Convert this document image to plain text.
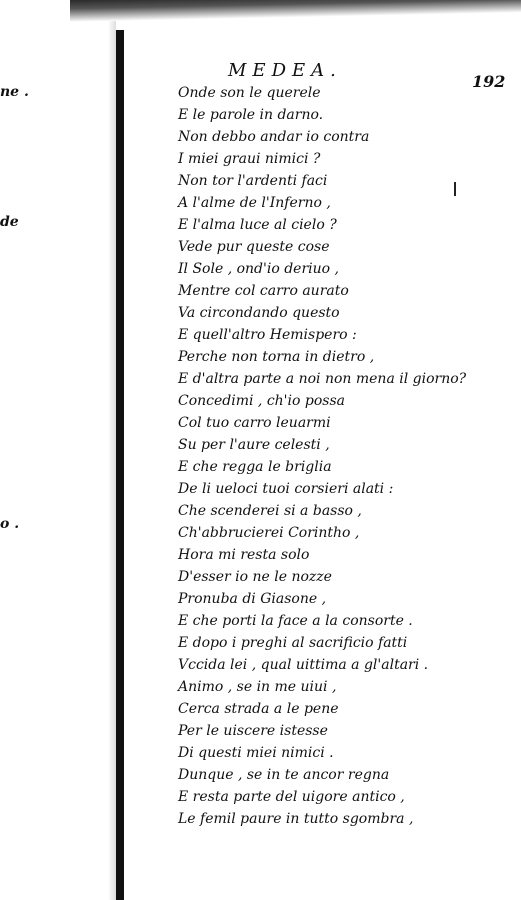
ne .
de
o .
MEDEA.
192
Onde son le querele
E le parole in darno.
Non debbo andar io contra
I miei graui nimici ?
Non tor l'ardenti faci
A l'alme de l'Inferno ,
E l'alma luce al cielo ?
Vede pur queste cose
Il Sole , ond'io deriuo ,
Mentre col carro aurato
Va circondando questo
E quell'altro Hemispero :
Perche non torna in dietro ,
E d'altra parte a noi non mena il giorno?
Concedimi , ch'io possa
Col tuo carro leuarmi
Su per l'aure celesti ,
E che regga le briglia
De li ueloci tuoi corsieri alati :
Che scenderei si a basso ,
Ch'abbrucierei Corintho ,
Hora mi resta solo
D'esser io ne le nozze
Pronuba di Giasone ,
E che porti la face a la consorte .
E dopo i preghi al sacrificio fatti
Vccida lei , qual uittima a gl'altari .
Animo , se in me uiui ,
Cerca strada a le pene
Per le uiscere istesse
Di questi miei nimici .
Dunque , se in te ancor regna
E resta parte del uigore antico ,
Le femil paure in tutto sgombra ,
